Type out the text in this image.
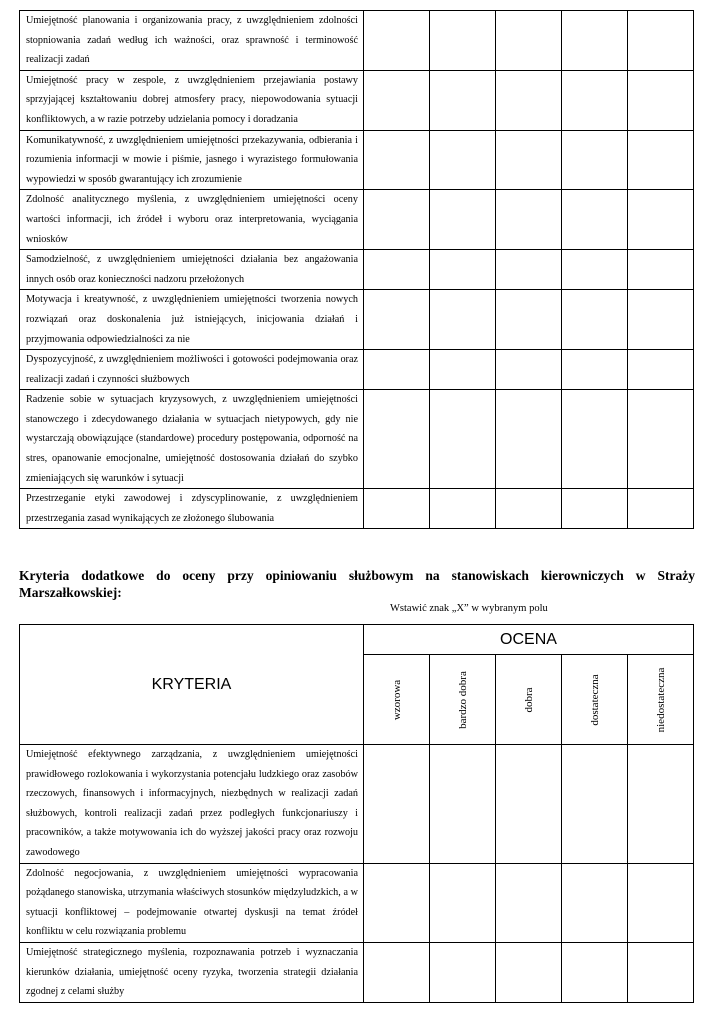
Umiejętność planowania i organizowania pracy, z uwzględnieniem zdolności stopniowania zadań według ich ważności, oraz sprawność i terminowość realizacji zadań					
Umiejętność pracy w zespole, z uwzględnieniem przejawiania postawy sprzyjającej kształtowaniu dobrej atmosfery pracy, niepowodowania sytuacji konfliktowych, a w razie potrzeby udzielania pomocy i doradzania					
Komunikatywność, z uwzględnieniem umiejętności przekazywania, odbierania i rozumienia informacji w mowie i piśmie, jasnego i wyrazistego formułowania wypowiedzi w sposób gwarantujący ich zrozumienie					
Zdolność analitycznego myślenia, z uwzględnieniem umiejętności oceny wartości informacji, ich źródeł i wyboru oraz interpretowania, wyciągania wniosków					
Samodzielność, z uwzględnieniem umiejętności działania bez angażowania innych osób oraz konieczności nadzoru przełożonych					
Motywacja i kreatywność, z uwzględnieniem umiejętności tworzenia nowych rozwiązań oraz doskonalenia już istniejących, inicjowania działań i przyjmowania odpowiedzialności za nie					
Dyspozycyjność, z uwzględnieniem możliwości i gotowości podejmowania oraz realizacji zadań i czynności służbowych					
Radzenie sobie w sytuacjach kryzysowych, z uwzględnieniem umiejętności stanowczego i zdecydowanego działania w sytuacjach nietypowych, gdy nie wystarczają obowiązujące (standardowe) procedury postępowania, odporność na stres, opanowanie emocjonalne, umiejętność dostosowania działań do szybko zmieniających się warunków i sytuacji					
Przestrzeganie etyki zawodowej i zdyscyplinowanie, z uwzględnieniem przestrzegania zasad wynikających ze złożonego ślubowania					
Kryteria dodatkowe do oceny przy opiniowaniu służbowym na stanowiskach kierowniczych w Straży Marszałkowskiej:
Wstawić znak „X” w wybranym polu
KRYTERIA	OCENA				

	wzorowa	bardzo dobra	dobra	dostateczna	niedostateczna

Umiejętność efektywnego zarządzania, z uwzględnieniem umiejętności prawidłowego rozlokowania i wykorzystania potencjału ludzkiego oraz zasobów rzeczowych, finansowych i informacyjnych, niezbędnych w realizacji zadań służbowych, kontroli realizacji zadań przez podległych funkcjonariuszy i pracowników, a także motywowania ich do wyższej jakości pracy oraz rozwoju zawodowego					
Zdolność negocjowania, z uwzględnieniem umiejętności wypracowania pożądanego stanowiska, utrzymania właściwych stosunków międzyludzkich, a w sytuacji konfliktowej – podejmowanie otwartej dyskusji na temat źródeł konfliktu w celu rozwiązania problemu					
Umiejętność strategicznego myślenia, rozpoznawania potrzeb i wyznaczania kierunków działania, umiejętność oceny ryzyka, tworzenia strategii działania zgodnej z celami służby					
